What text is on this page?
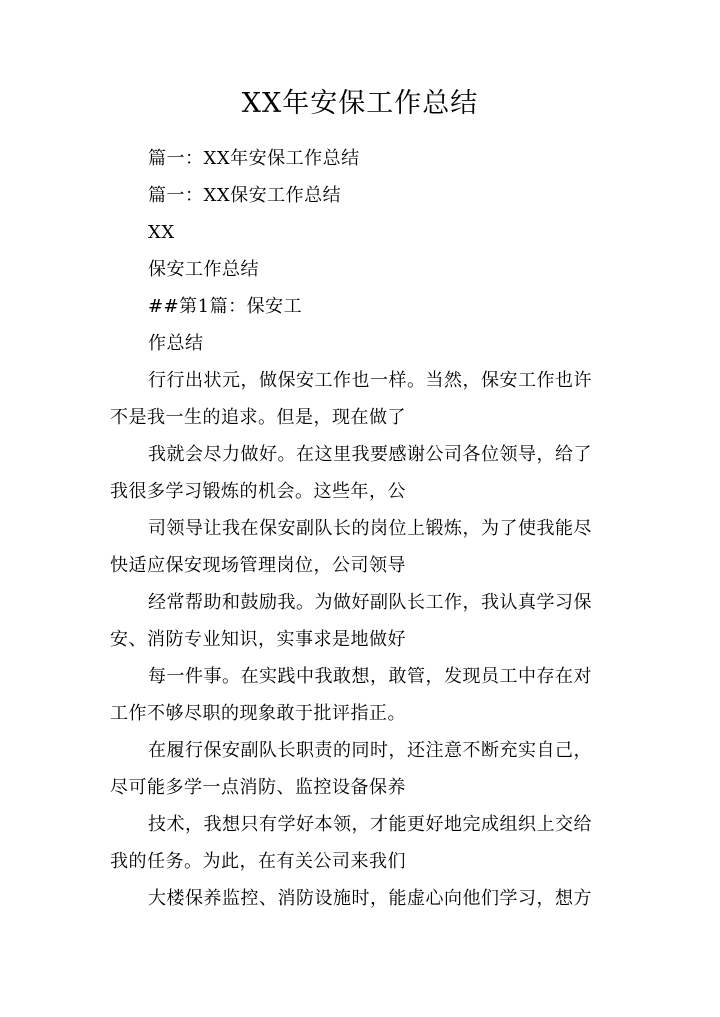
XX年安保工作总结
篇一：XX年安保工作总结
篇一：XX保安工作总结
XX
保安工作总结
##第1篇：保安工
作总结
行行出状元，做保安工作也一样。当然，保安工作也许
不是我一生的追求。但是，现在做了
我就会尽力做好。在这里我要感谢公司各位领导，给了
我很多学习锻炼的机会。这些年，公
司领导让我在保安副队长的岗位上锻炼，为了使我能尽
快适应保安现场管理岗位，公司领导
经常帮助和鼓励我。为做好副队长工作，我认真学习保
安、消防专业知识，实事求是地做好
每一件事。在实践中我敢想，敢管，发现员工中存在对
工作不够尽职的现象敢于批评指正。
在履行保安副队长职责的同时，还注意不断充实自己，
尽可能多学一点消防、监控设备保养
技术，我想只有学好本领，才能更好地完成组织上交给
我的任务。为此，在有关公司来我们
大楼保养监控、消防设施时，能虚心向他们学习，想方
